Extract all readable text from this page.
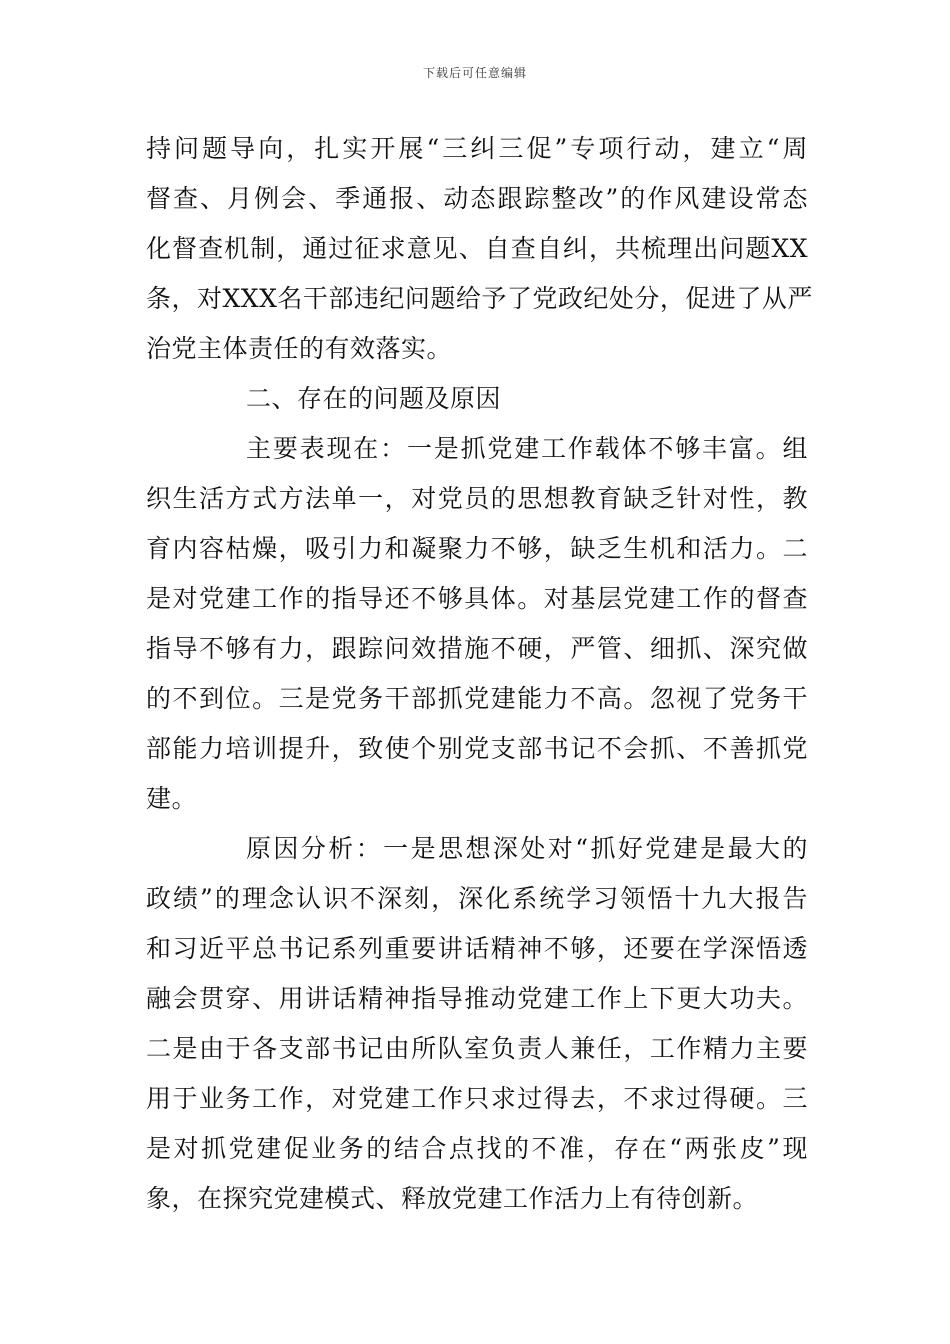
下载后可任意编辑
持问题导向，扎实开展“三纠三促”专项行动，建立“周
督查、月例会、季通报、动态跟踪整改”的作风建设常态
化督查机制，通过征求意见、自查自纠，共梳理出问题XX
条，对XXX名干部违纪问题给予了党政纪处分，促进了从严
治党主体责任的有效落实。
二、存在的问题及原因
主要表现在：一是抓党建工作载体不够丰富。组
织生活方式方法单一，对党员的思想教育缺乏针对性，教
育内容枯燥，吸引力和凝聚力不够，缺乏生机和活力。二
是对党建工作的指导还不够具体。对基层党建工作的督查
指导不够有力，跟踪问效措施不硬，严管、细抓、深究做
的不到位。三是党务干部抓党建能力不高。忽视了党务干
部能力培训提升，致使个别党支部书记不会抓、不善抓党
建。
原因分析：一是思想深处对“抓好党建是最大的
政绩”的理念认识不深刻，深化系统学习领悟十九大报告
和习近平总书记系列重要讲话精神不够，还要在学深悟透
融会贯穿、用讲话精神指导推动党建工作上下更大功夫。
二是由于各支部书记由所队室负责人兼任，工作精力主要
用于业务工作，对党建工作只求过得去，不求过得硬。三
是对抓党建促业务的结合点找的不准，存在“两张皮”现
象，在探究党建模式、释放党建工作活力上有待创新。
